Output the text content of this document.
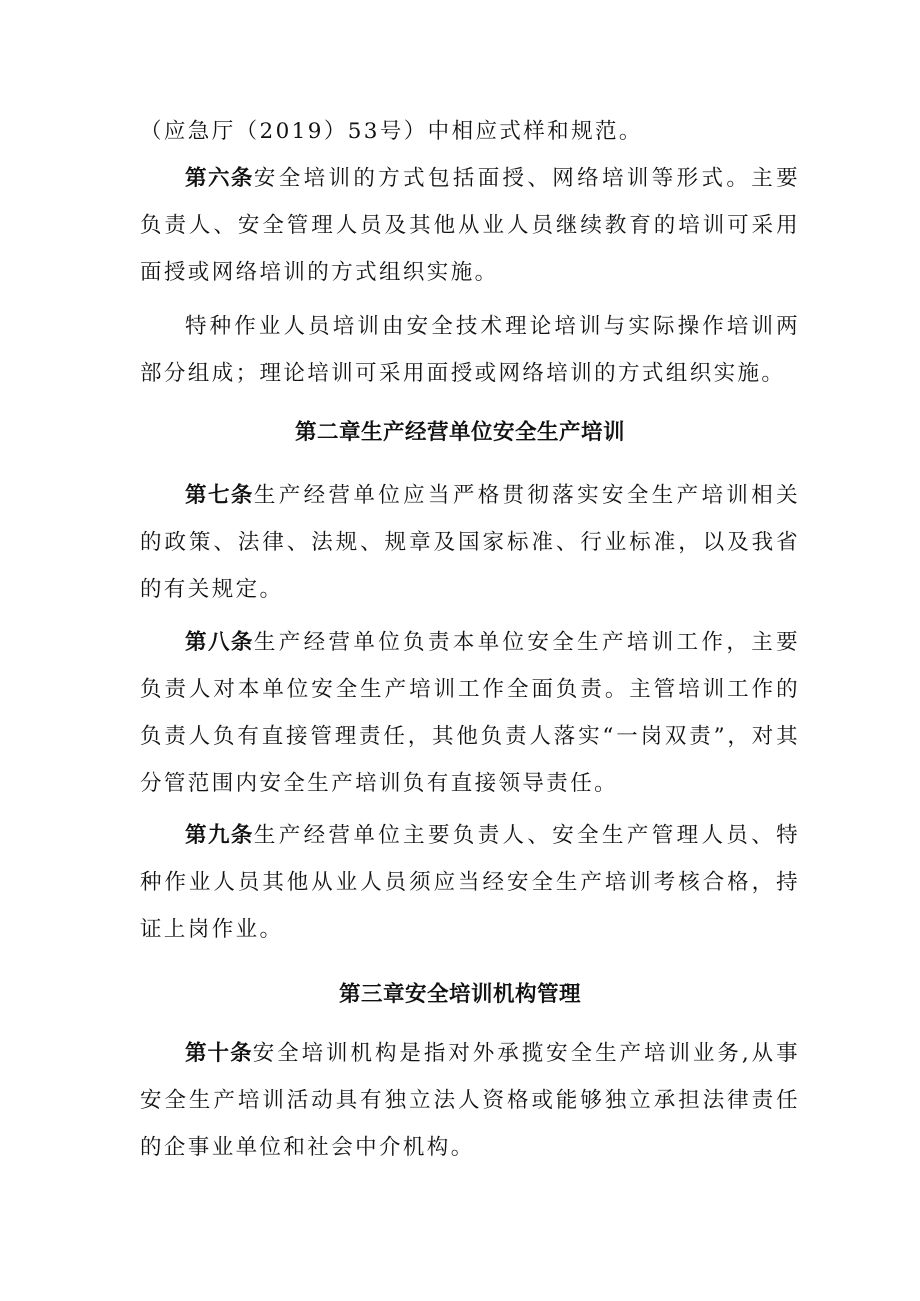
（应急厅（2019）53号）中相应式样和规范。

第六条安全培训的方式包括面授、网络培训等形式。主要负责人、安全管理人员及其他从业人员继续教育的培训可采用面授或网络培训的方式组织实施。

特种作业人员培训由安全技术理论培训与实际操作培训两部分组成；理论培训可采用面授或网络培训的方式组织实施。

第二章生产经营单位安全生产培训

第七条生产经营单位应当严格贯彻落实安全生产培训相关的政策、法律、法规、规章及国家标准、行业标准，以及我省的有关规定。

第八条生产经营单位负责本单位安全生产培训工作，主要负责人对本单位安全生产培训工作全面负责。主管培训工作的负责人负有直接管理责任，其他负责人落实“一岗双责”，对其分管范围内安全生产培训负有直接领导责任。

第九条生产经营单位主要负责人、安全生产管理人员、特种作业人员其他从业人员须应当经安全生产培训考核合格，持证上岗作业。

第三章安全培训机构管理

第十条安全培训机构是指对外承揽安全生产培训业务,从事安全生产培训活动具有独立法人资格或能够独立承担法律责任的企事业单位和社会中介机构。
